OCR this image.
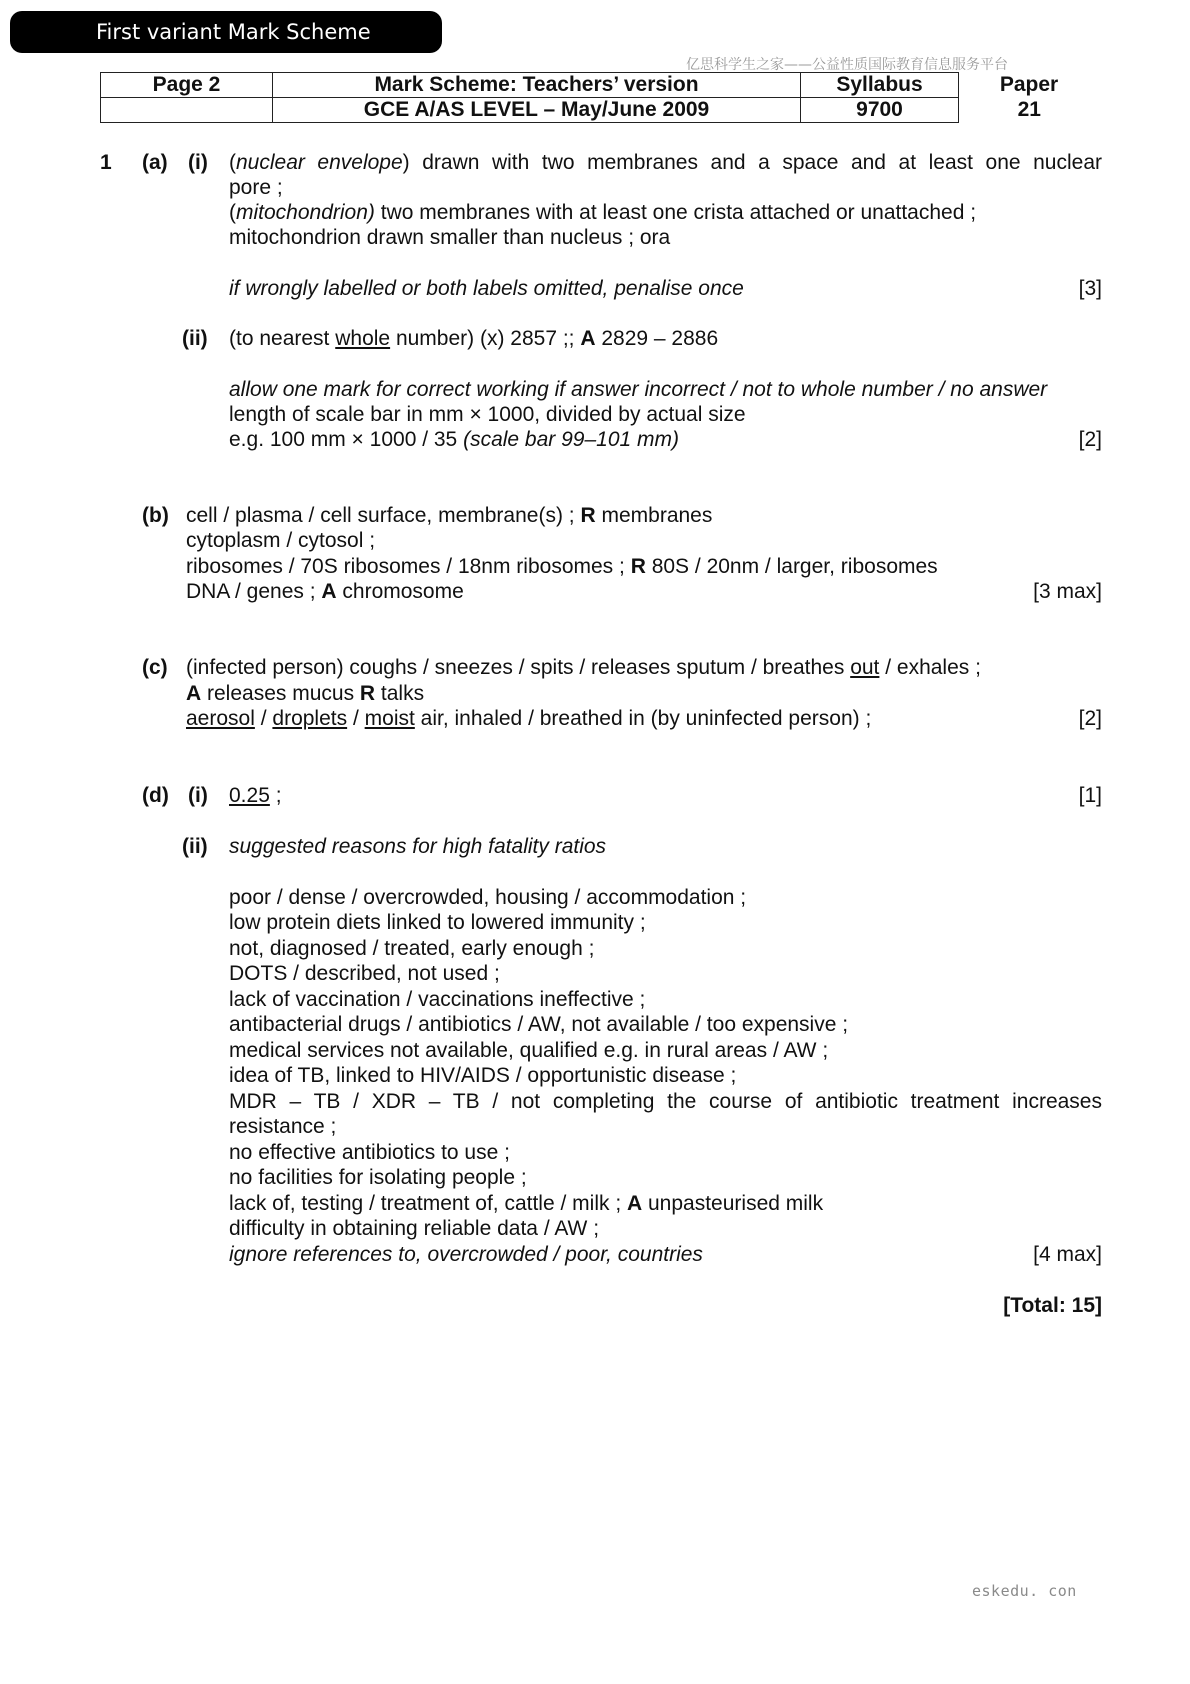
First variant Mark Scheme
亿思科学生之家——公益性质国际教育信息服务平台
Page 2	Mark Scheme: Teachers’ version	Syllabus	Paper
	GCE A/AS LEVEL – May/June 2009	9700	21
1 (a) (i) (nuclear envelope) drawn with two membranes and a space and at least one nuclear
pore ;
(mitochondrion) two membranes with at least one crista attached or unattached ;
mitochondrion drawn smaller than nucleus ; ora
if wrongly labelled or both labels omitted, penalise once	[3]
(ii) (to nearest whole number) (x) 2857 ;; A 2829 – 2886
allow one mark for correct working if answer incorrect / not to whole number / no answer
length of scale bar in mm × 1000, divided by actual size
e.g. 100 mm × 1000 / 35 (scale bar 99–101 mm)	[2]
(b) cell / plasma / cell surface, membrane(s) ; R membranes
cytoplasm / cytosol ;
ribosomes / 70S ribosomes / 18nm ribosomes ; R 80S / 20nm / larger, ribosomes
DNA / genes ; A chromosome	[3 max]
(c) (infected person) coughs / sneezes / spits / releases sputum / breathes out / exhales ;
A releases mucus R talks
aerosol / droplets / moist air, inhaled / breathed in (by uninfected person) ;	[2]
(d) (i) 0.25 ;	[1]
(ii) suggested reasons for high fatality ratios
poor / dense / overcrowded, housing / accommodation ;
low protein diets linked to lowered immunity ;
not, diagnosed / treated, early enough ;
DOTS / described, not used ;
lack of vaccination / vaccinations ineffective ;
antibacterial drugs / antibiotics / AW, not available / too expensive ;
medical services not available, qualified e.g. in rural areas / AW ;
idea of TB, linked to HIV/AIDS / opportunistic disease ;
MDR – TB / XDR – TB / not completing the course of antibiotic treatment increases
resistance ;
no effective antibiotics to use ;
no facilities for isolating people ;
lack of, testing / treatment of, cattle / milk ; A unpasteurised milk
difficulty in obtaining reliable data / AW ;
ignore references to, overcrowded / poor, countries	[4 max]
[Total: 15]
eskedu. con
